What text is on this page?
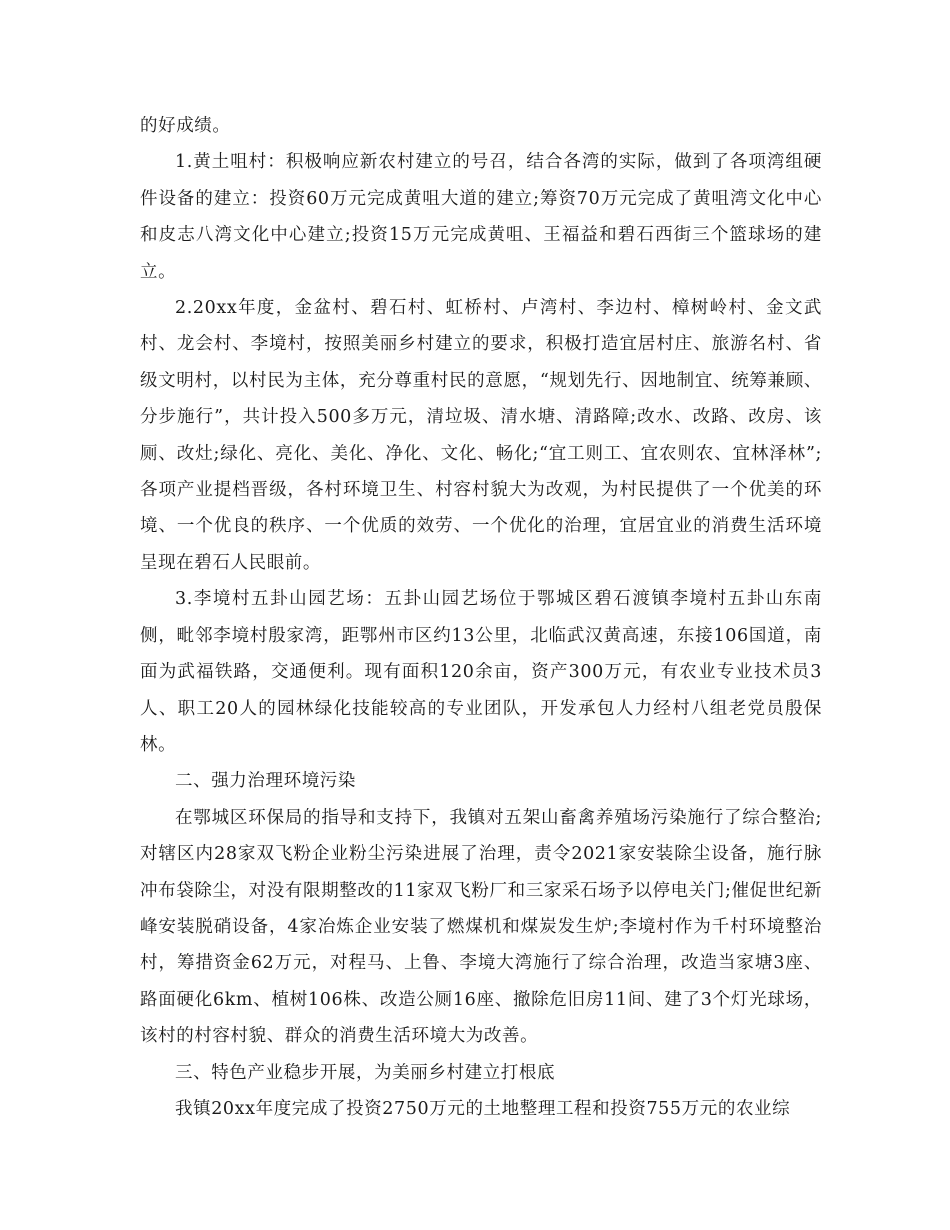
的好成绩。

1.黄土咀村：积极响应新农村建立的号召，结合各湾的实际，做到了各项湾组硬件设备的建立：投资60万元完成黄咀大道的建立;筹资70万元完成了黄咀湾文化中心和皮志八湾文化中心建立;投资15万元完成黄咀、王福益和碧石西街三个篮球场的建立。

2.20xx年度，金盆村、碧石村、虹桥村、卢湾村、李边村、樟树岭村、金文武村、龙会村、李境村，按照美丽乡村建立的要求，积极打造宜居村庄、旅游名村、省级文明村，以村民为主体，充分尊重村民的意愿，“规划先行、因地制宜、统筹兼顾、分步施行”，共计投入500多万元，清垃圾、清水塘、清路障;改水、改路、改房、该厕、改灶;绿化、亮化、美化、净化、文化、畅化;“宜工则工、宜农则农、宜林泽林”;各项产业提档晋级，各村环境卫生、村容村貌大为改观，为村民提供了一个优美的环境、一个优良的秩序、一个优质的效劳、一个优化的治理，宜居宜业的消费生活环境呈现在碧石人民眼前。

3.李境村五卦山园艺场：五卦山园艺场位于鄂城区碧石渡镇李境村五卦山东南侧，毗邻李境村殷家湾，距鄂州市区约13公里，北临武汉黄高速，东接106国道，南面为武福铁路，交通便利。现有面积120余亩，资产300万元，有农业专业技术员3人、职工20人的园林绿化技能较高的专业团队，开发承包人力经村八组老党员殷保林。

二、强力治理环境污染

在鄂城区环保局的指导和支持下，我镇对五架山畜禽养殖场污染施行了综合整治;对辖区内28家双飞粉企业粉尘污染进展了治理，责令2021家安装除尘设备，施行脉冲布袋除尘，对没有限期整改的11家双飞粉厂和三家采石场予以停电关门;催促世纪新峰安装脱硝设备，4家冶炼企业安装了燃煤机和煤炭发生炉;李境村作为千村环境整治村，筹措资金62万元，对程马、上鲁、李境大湾施行了综合治理，改造当家塘3座、路面硬化6km、植树106株、改造公厕16座、撤除危旧房11间、建了3个灯光球场，该村的村容村貌、群众的消费生活环境大为改善。

三、特色产业稳步开展，为美丽乡村建立打根底

我镇20xx年度完成了投资2750万元的土地整理工程和投资755万元的农业综
